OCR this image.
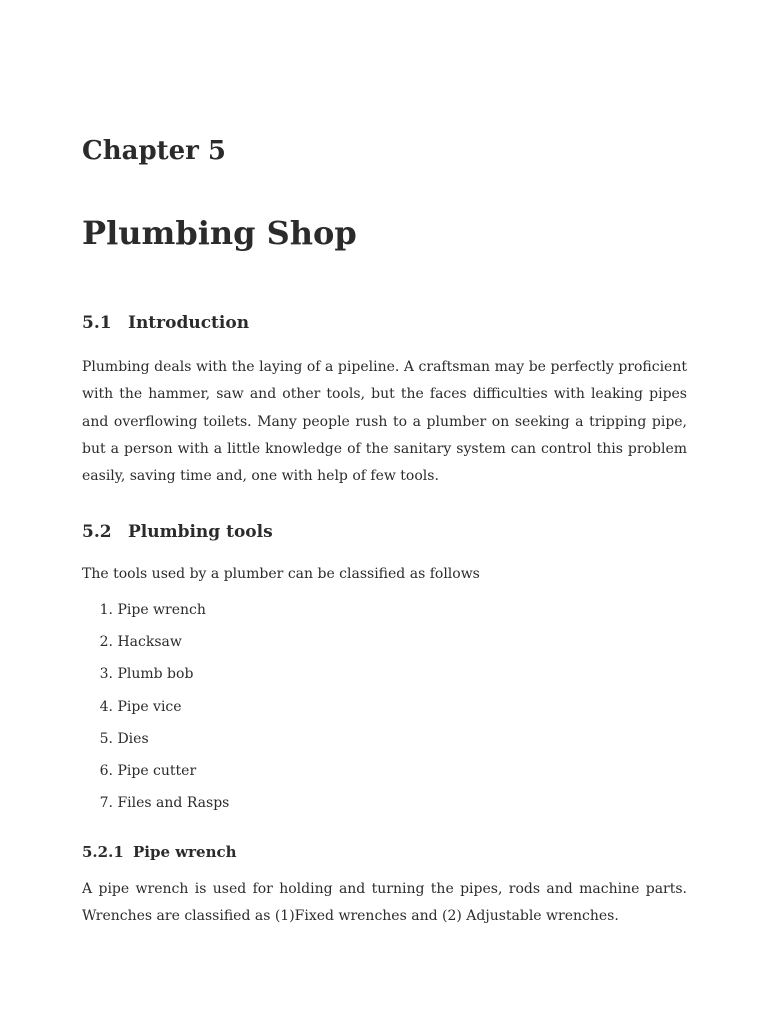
Chapter 5
Plumbing Shop
5.1 Introduction

Plumbing deals with the laying of a pipeline. A craftsman may be perfectly proficient with the hammer, saw and other tools, but the faces difficulties with leaking pipes and overflowing toilets. Many people rush to a plumber on seeking a tripping pipe, but a person with a little knowledge of the sanitary system can control this problem easily, saving time and, one with help of few tools.

5.2 Plumbing tools
The tools used by a plumber can be classified as follows
1. Pipe wrench
2. Hacksaw
3. Plumb bob
4. Pipe vice
5. Dies
6. Pipe cutter
7. Files and Rasps
5.2.1 Pipe wrench

A pipe wrench is used for holding and turning the pipes, rods and machine parts. Wrenches are classified as (1)Fixed wrenches and (2) Adjustable wrenches.
